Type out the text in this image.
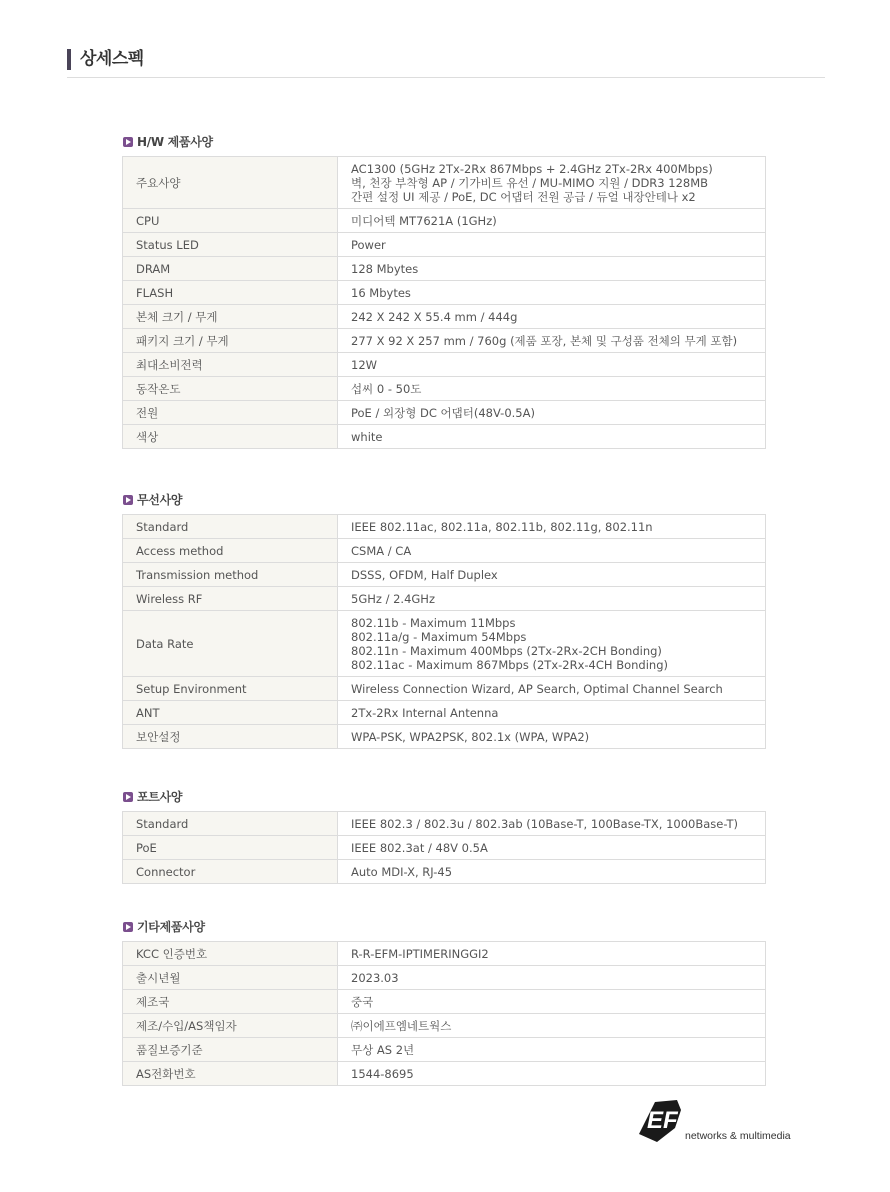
상세스펙
H/W 제품사양
주요사양	AC1300 (5GHz 2Tx-2Rx 867Mbps + 2.4GHz 2Tx-2Rx 400Mbps)
벽, 천장 부착형 AP / 기가비트 유선 / MU-MIMO 지원 / DDR3 128MB
간편 설정 UI 제공 / PoE, DC 어댑터 전원 공급 / 듀얼 내장안테나 x2

CPU	미디어텍 MT7621A (1GHz)

Status LED	Power

DRAM	128 Mbytes

FLASH	16 Mbytes

본체 크기 / 무게	242 X 242 X 55.4 mm / 444g

패키지 크기 / 무게	277 X 92 X 257 mm / 760g (제품 포장, 본체 및 구성품 전체의 무게 포함)

최대소비전력	12W

동작온도	섭씨 0 - 50도

전원	PoE / 외장형 DC 어댑터(48V-0.5A)

색상	white
무선사양
Standard	IEEE 802.11ac, 802.11a, 802.11b, 802.11g, 802.11n

Access method	CSMA / CA

Transmission method	DSSS, OFDM, Half Duplex

Wireless RF	5GHz / 2.4GHz

Data Rate	802.11b - Maximum 11Mbps
802.11a/g - Maximum 54Mbps
802.11n - Maximum 400Mbps (2Tx-2Rx-2CH Bonding)
802.11ac - Maximum 867Mbps (2Tx-2Rx-4CH Bonding)

Setup Environment	Wireless Connection Wizard, AP Search, Optimal Channel Search

ANT	2Tx-2Rx Internal Antenna

보안설정	WPA-PSK, WPA2PSK, 802.1x (WPA, WPA2)
포트사양
Standard	IEEE 802.3 / 802.3u / 802.3ab (10Base-T, 100Base-TX, 1000Base-T)

PoE	IEEE 802.3at / 48V 0.5A

Connector	Auto MDI-X, RJ-45
기타제품사양
KCC 인증번호	R-R-EFM-IPTIMERINGGI2

출시년월	2023.03

제조국	중국

제조/수입/AS책임자	㈜이에프엠네트웍스

품질보증기준	무상 AS 2년

AS전화번호	1544-8695
EFM
networks & multimedia
